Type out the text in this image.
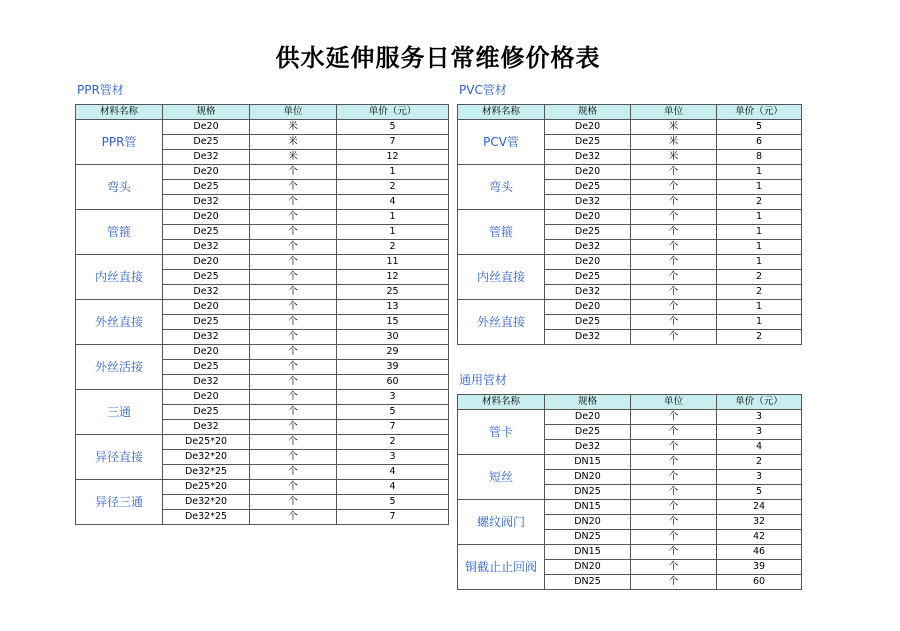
供水延伸服务日常维修价格表
PPR管材
材料名称	规格	单位	单价（元）
PPR管	De20	米	5
	De25	米	7
	De32	米	12
弯头	De20	个	1
	De25	个	2
	De32	个	4
管箍	De20	个	1
	De25	个	1
	De32	个	2
内丝直接	De20	个	11
	De25	个	12
	De32	个	25
外丝直接	De20	个	13
	De25	个	15
	De32	个	30
外丝活接	De20	个	29
	De25	个	39
	De32	个	60
三通	De20	个	3
	De25	个	5
	De32	个	7
异径直接	De25*20	个	2
	De32*20	个	3
	De32*25	个	4
异径三通	De25*20	个	4
	De32*20	个	5
	De32*25	个	7
PVC管材
材料名称	规格	单位	单价（元）
PCV管	De20	米	5
	De25	米	6
	De32	米	8
弯头	De20	个	1
	De25	个	1
	De32	个	2
管箍	De20	个	1
	De25	个	1
	De32	个	1
内丝直接	De20	个	1
	De25	个	2
	De32	个	2
外丝直接	De20	个	1
	De25	个	1
	De32	个	2
通用管材
材料名称	规格	单位	单价（元）
管卡	De20	个	3
	De25	个	3
	De32	个	4
短丝	DN15	个	2
	DN20	个	3
	DN25	个	5
螺纹阀门	DN15	个	24
	DN20	个	32
	DN25	个	42
铜截止止回阀	DN15	个	46
	DN20	个	39
	DN25	个	60
